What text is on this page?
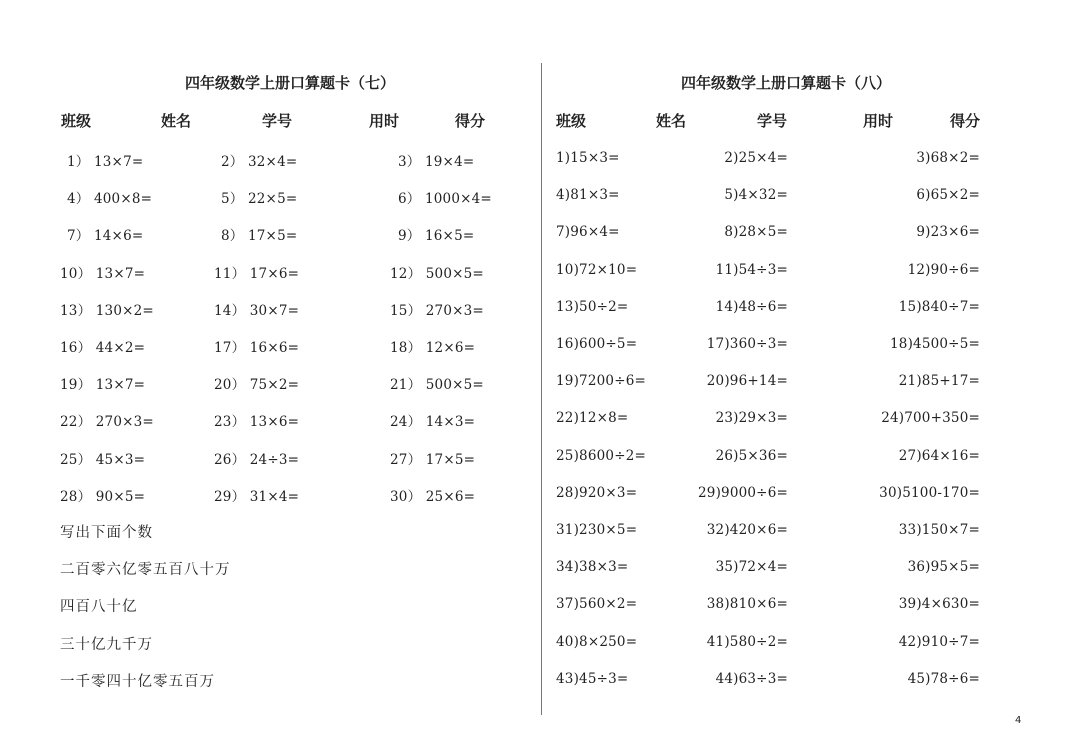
四年级数学上册口算题卡（七）
班级	姓名	学号	用时	得分
1） 13×7=	2） 32×4=	3） 19×4=
4） 400×8=	5） 22×5=	6） 1000×4=
7） 14×6=	8） 17×5=	9） 16×5=
10） 13×7=	11） 17×6=	12） 500×5=
13） 130×2=	14） 30×7=	15） 270×3=
16） 44×2=	17） 16×6=	18） 12×6=
19） 13×7=	20） 75×2=	21） 500×5=
22） 270×3=	23） 13×6=	24） 14×3=
25） 45×3=	26） 24÷3=	27） 17×5=
28） 90×5=	29） 31×4=	30） 25×6=
写出下面个数
二百零六亿零五百八十万
四百八十亿
三十亿九千万
一千零四十亿零五百万
四年级数学上册口算题卡（八）
班级	姓名	学号	用时	得分
1)15×3=	2)25×4=	3)68×2=
4)81×3=	5)4×32=	6)65×2=
7)96×4=	8)28×5=	9)23×6=
10)72×10=	11)54÷3=	12)90÷6=
13)50÷2=	14)48÷6=	15)840÷7=
16)600÷5=	17)360÷3=	18)4500÷5=
19)7200÷6=	20)96+14=	21)85+17=
22)12×8=	23)29×3=	24)700+350=
25)8600÷2=	26)5×36=	27)64×16=
28)920×3=	29)9000÷6=	30)5100-170=
31)230×5=	32)420×6=	33)150×7=
34)38×3=	35)72×4=	36)95×5=
37)560×2=	38)810×6=	39)4×630=
40)8×250=	41)580÷2=	42)910÷7=
43)45÷3=	44)63÷3=	45)78÷6=
4
